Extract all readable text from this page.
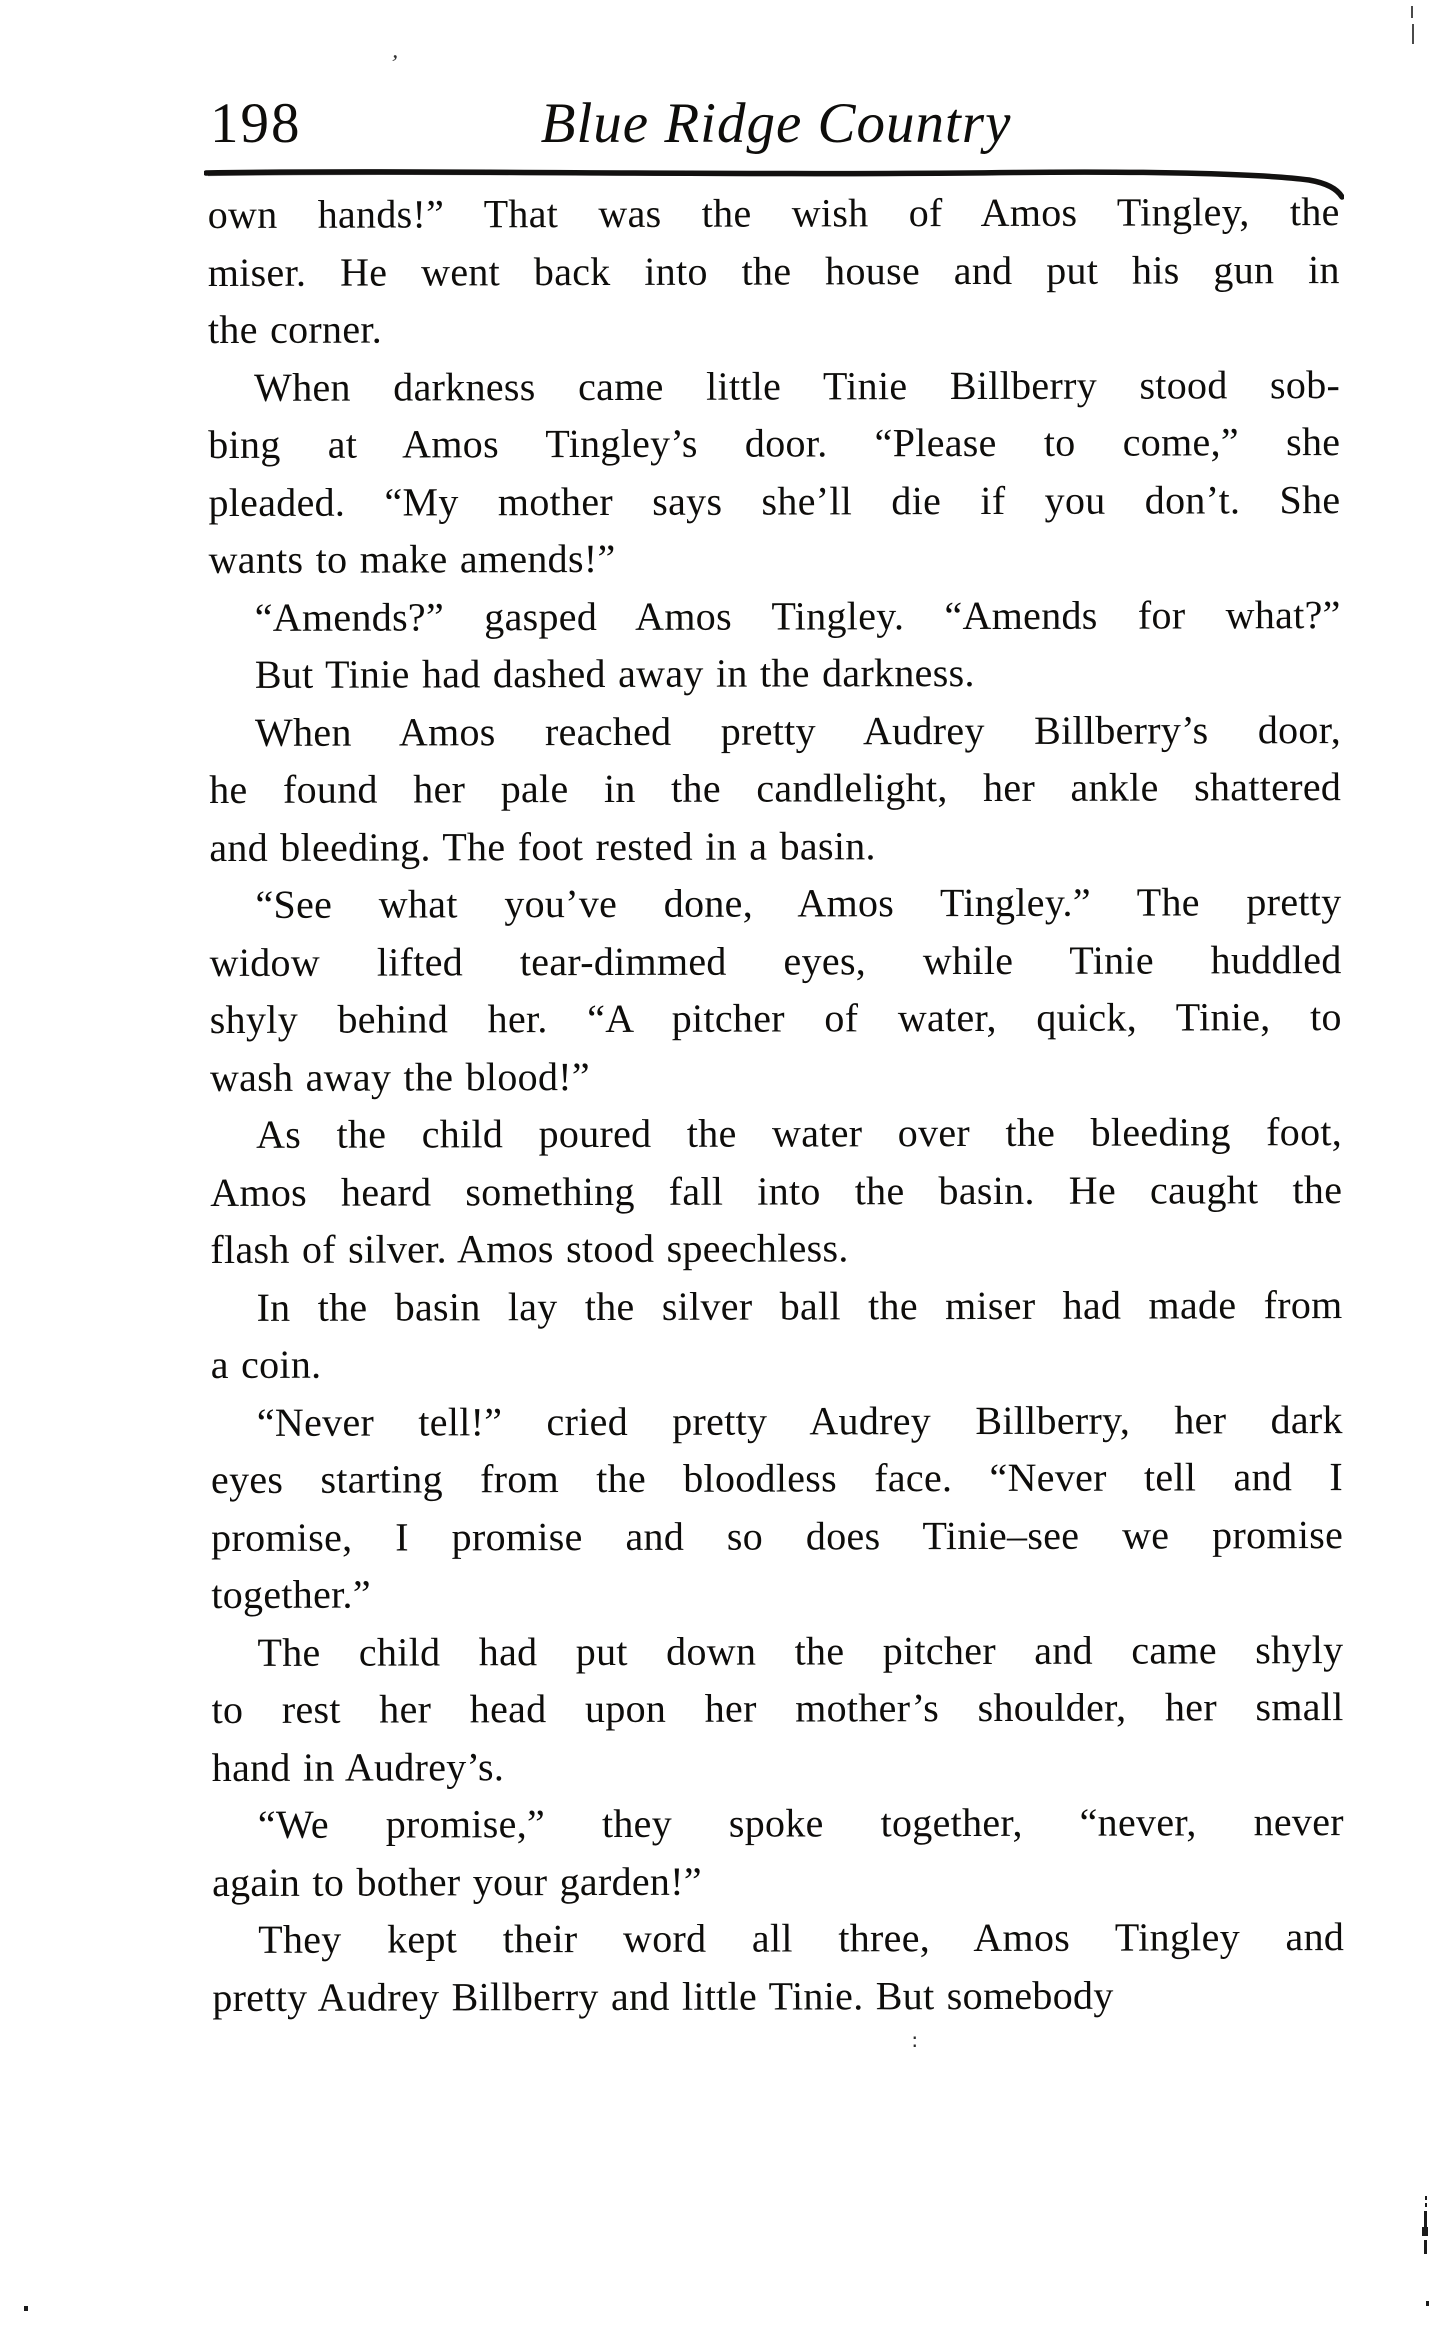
198	Blue Ridge Country
own hands!” That was the wish of Amos Tingley, the
miser. He went back into the house and put his gun in
the corner.
When darkness came little Tinie Billberry stood sob-
bing at Amos Tingley’s door. “Please to come,” she
pleaded. “My mother says she’ll die if you don’t. She
wants to make amends!”
“Amends?” gasped Amos Tingley. “Amends for what?”
But Tinie had dashed away in the darkness.
When Amos reached pretty Audrey Billberry’s door,
he found her pale in the candlelight, her ankle shattered
and bleeding. The foot rested in a basin.
“See what you’ve done, Amos Tingley.” The pretty
widow lifted tear-dimmed eyes, while Tinie huddled
shyly behind her. “A pitcher of water, quick, Tinie, to
wash away the blood!”
As the child poured the water over the bleeding foot,
Amos heard something fall into the basin. He caught the
flash of silver. Amos stood speechless.
In the basin lay the silver ball the miser had made from
a coin.
“Never tell!” cried pretty Audrey Billberry, her dark
eyes starting from the bloodless face. “Never tell and I
promise, I promise and so does Tinie–see we promise
together.”
The child had put down the pitcher and came shyly
to rest her head upon her mother’s shoulder, her small
hand in Audrey’s.
“We promise,” they spoke together, “never, never
again to bother your garden!”
They kept their word all three, Amos Tingley and
pretty Audrey Billberry and little Tinie. But somebody
’
∶
